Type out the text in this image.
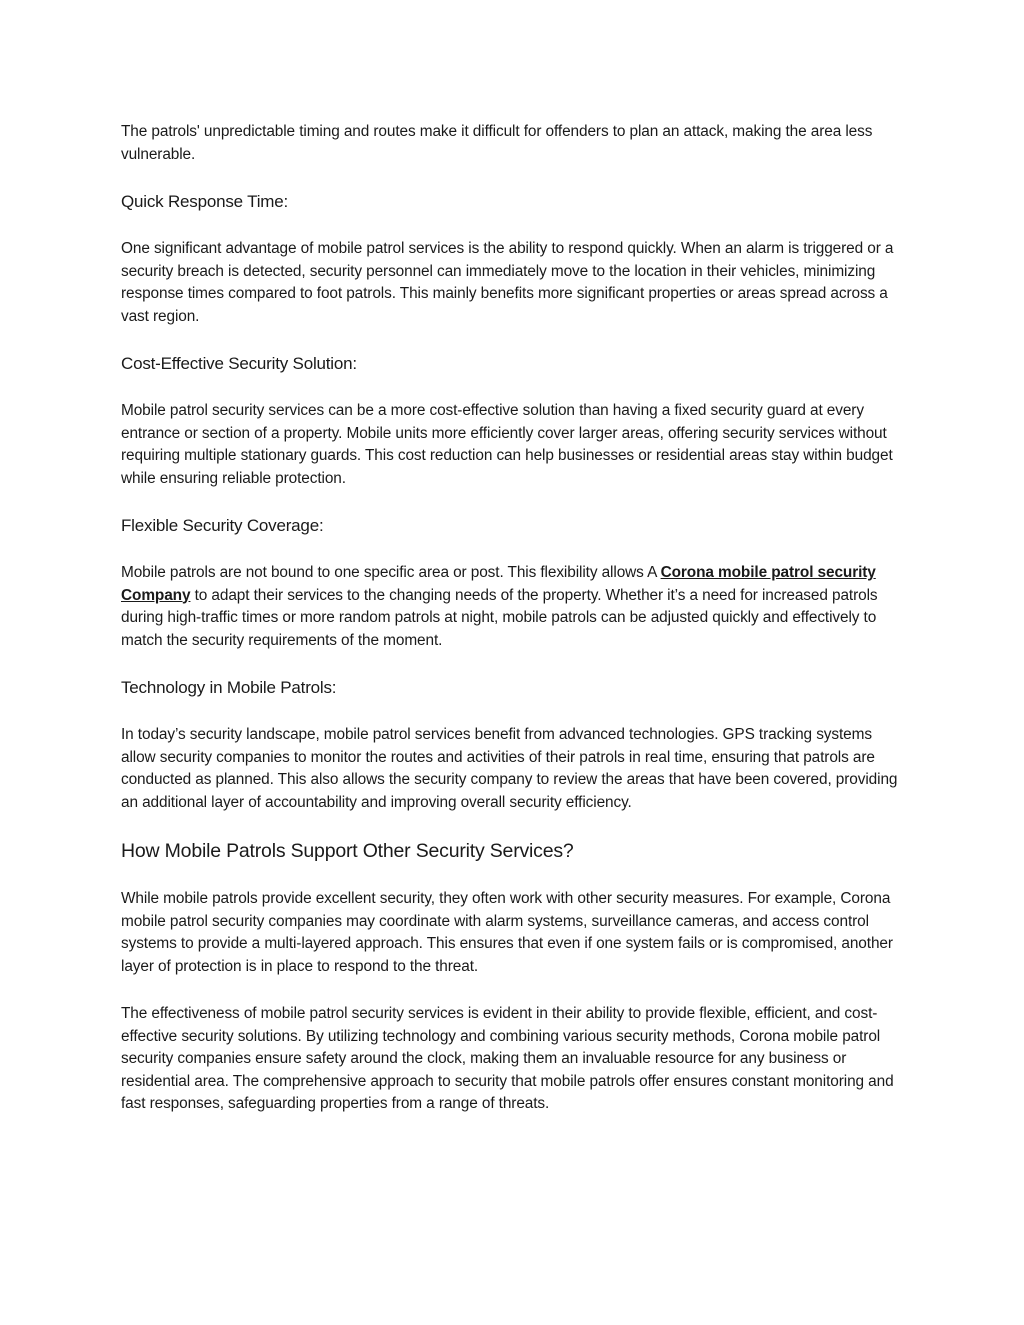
The patrols' unpredictable timing and routes make it difficult for offenders to plan an attack, making the area less vulnerable.

Quick Response Time:

One significant advantage of mobile patrol services is the ability to respond quickly. When an alarm is triggered or a security breach is detected, security personnel can immediately move to the location in their vehicles, minimizing response times compared to foot patrols. This mainly benefits more significant properties or areas spread across a vast region.

Cost-Effective Security Solution:

Mobile patrol security services can be a more cost-effective solution than having a fixed security guard at every entrance or section of a property. Mobile units more efficiently cover larger areas, offering security services without requiring multiple stationary guards. This cost reduction can help businesses or residential areas stay within budget while ensuring reliable protection.

Flexible Security Coverage:

Mobile patrols are not bound to one specific area or post. This flexibility allows A Corona mobile patrol security Company to adapt their services to the changing needs of the property. Whether it’s a need for increased patrols during high-traffic times or more random patrols at night, mobile patrols can be adjusted quickly and effectively to match the security requirements of the moment.

Technology in Mobile Patrols:

In today’s security landscape, mobile patrol services benefit from advanced technologies. GPS tracking systems allow security companies to monitor the routes and activities of their patrols in real time, ensuring that patrols are conducted as planned. This also allows the security company to review the areas that have been covered, providing an additional layer of accountability and improving overall security efficiency.

How Mobile Patrols Support Other Security Services?

While mobile patrols provide excellent security, they often work with other security measures. For example, Corona mobile patrol security companies may coordinate with alarm systems, surveillance cameras, and access control systems to provide a multi-layered approach. This ensures that even if one system fails or is compromised, another layer of protection is in place to respond to the threat.

The effectiveness of mobile patrol security services is evident in their ability to provide flexible, efficient, and cost-effective security solutions. By utilizing technology and combining various security methods, Corona mobile patrol security companies ensure safety around the clock, making them an invaluable resource for any business or residential area. The comprehensive approach to security that mobile patrols offer ensures constant monitoring and fast responses, safeguarding properties from a range of threats.
